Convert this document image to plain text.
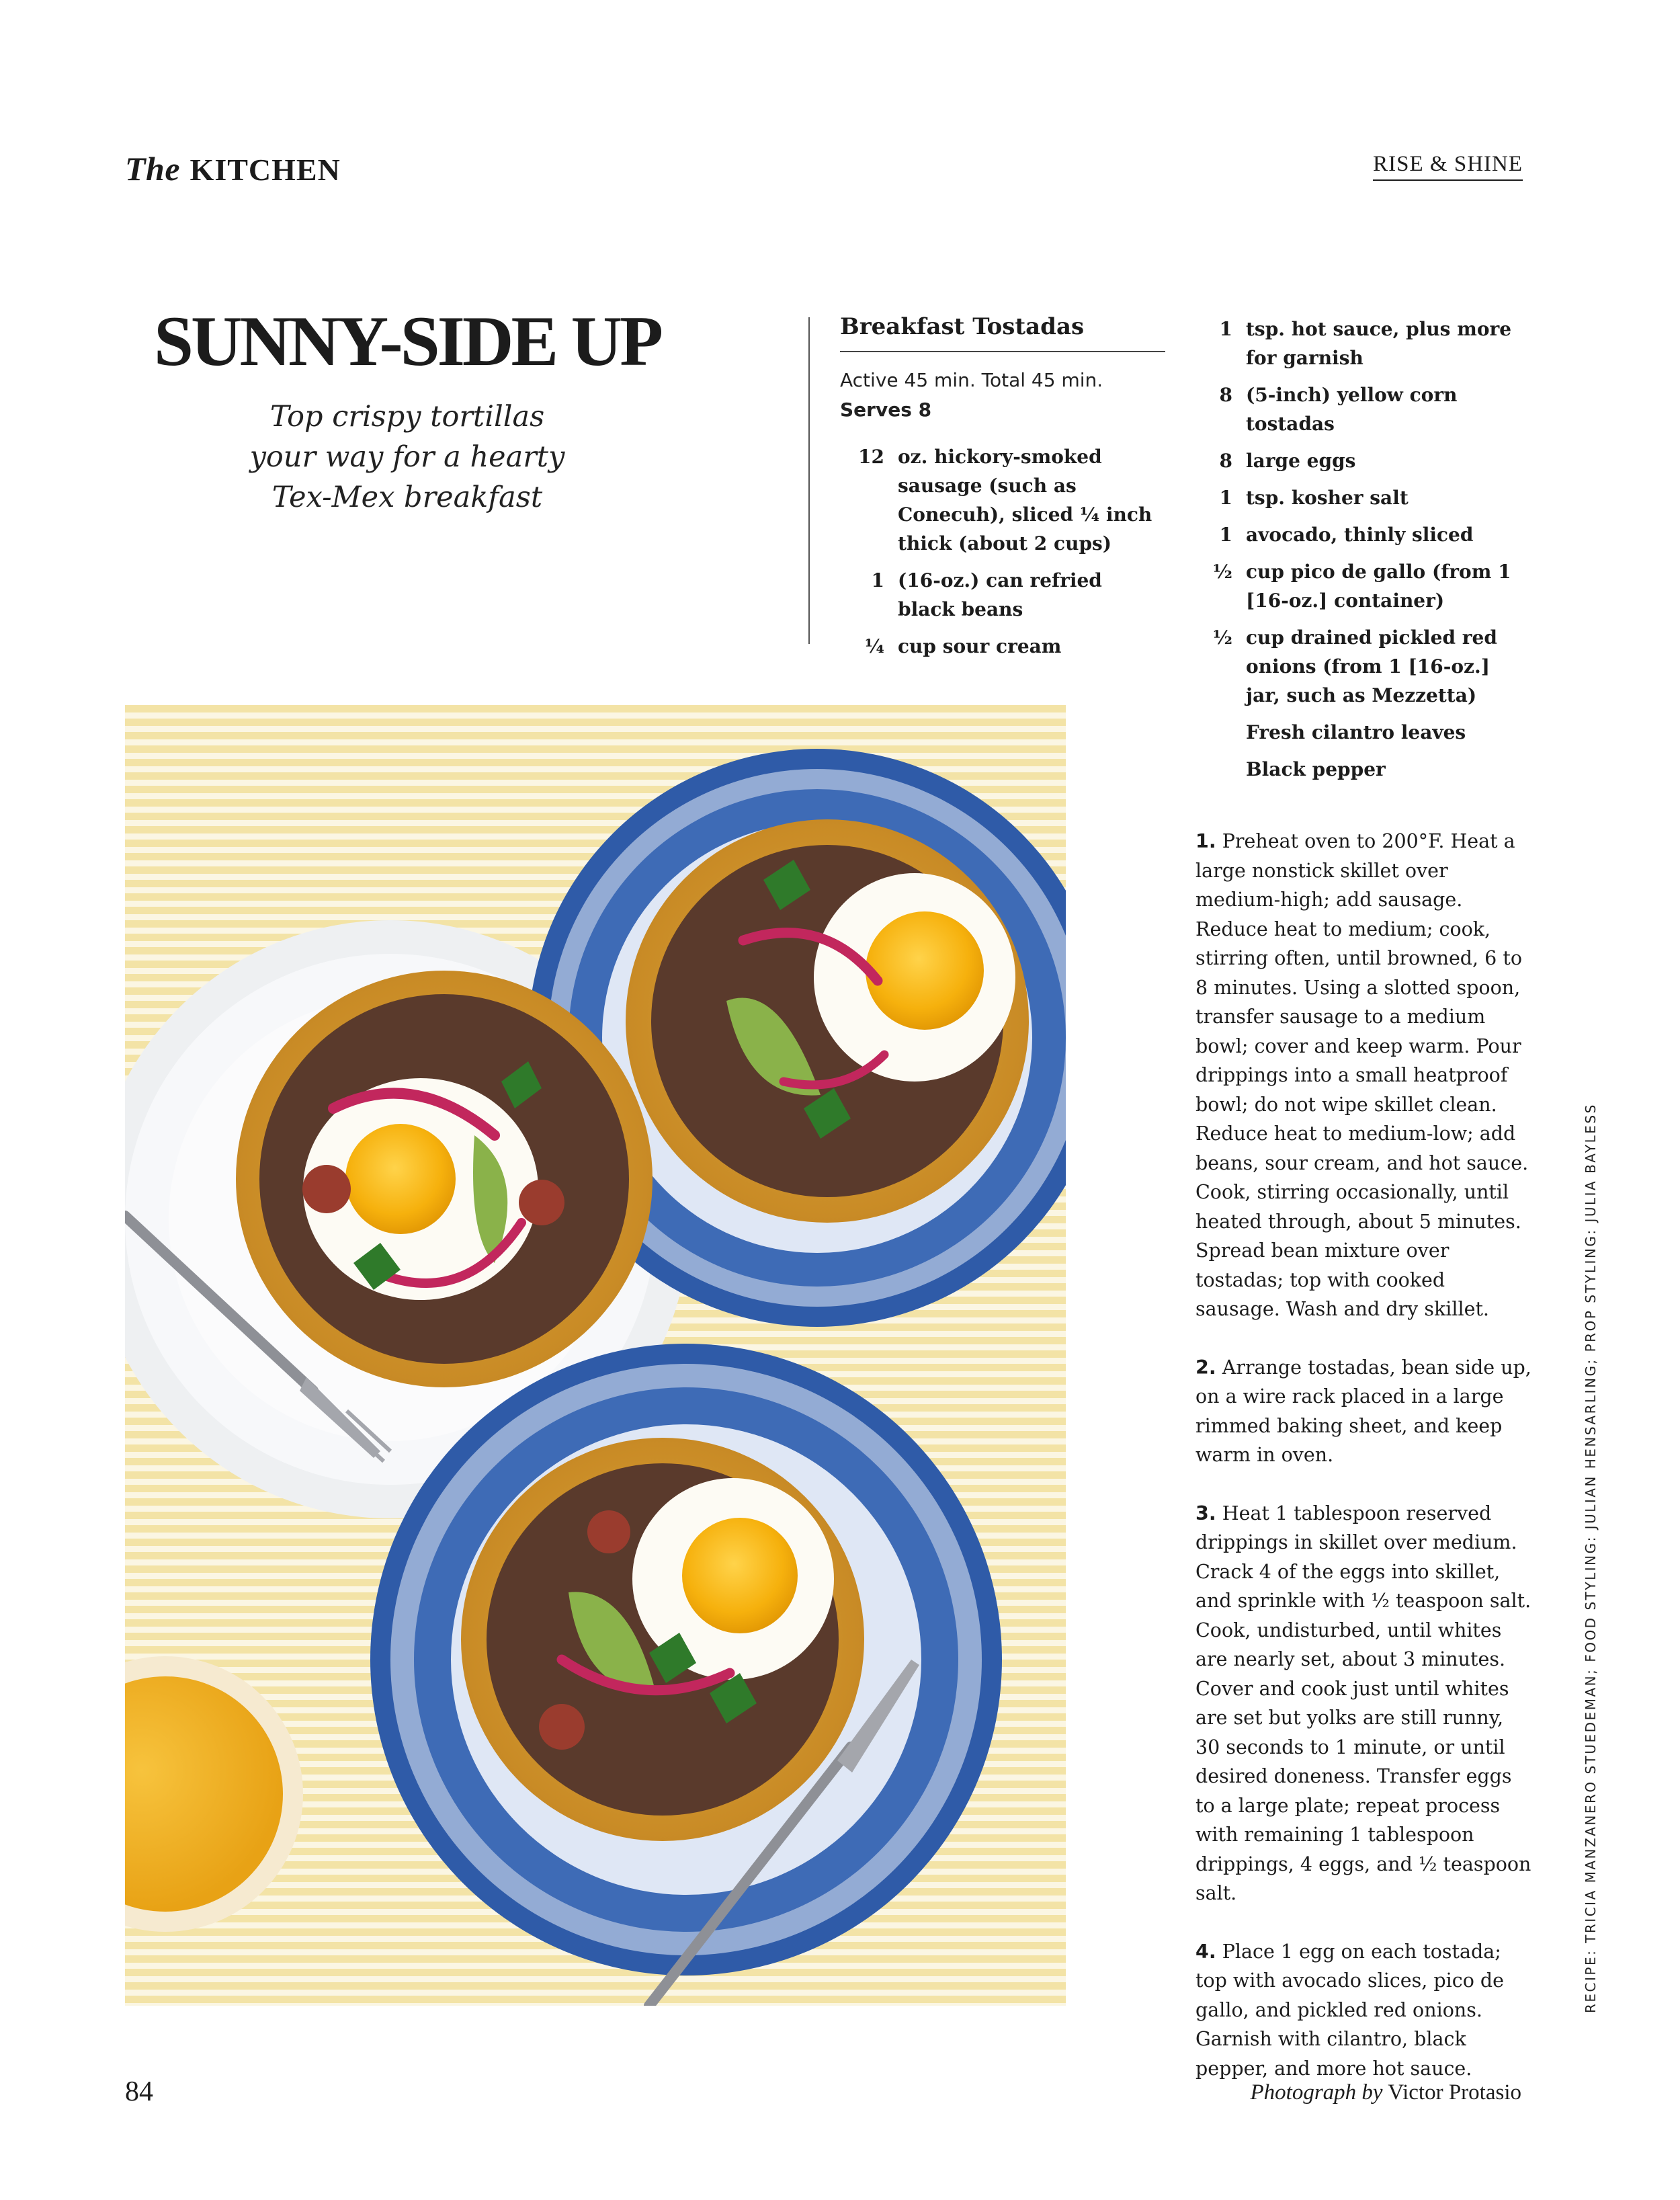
The KITCHEN	RISE & SHINE
SUNNY-SIDE UP
Top crispy tortillas
your way for a hearty
Tex-Mex breakfast
Breakfast Tostadas
Active 45 min. Total 45 min.
Serves 8
12 oz. hickory-smoked sausage (such as Conecuh), sliced ¼ inch thick (about 2 cups)
1 (16-oz.) can refried black beans
¼ cup sour cream
1 tsp. hot sauce, plus more for garnish
8 (5-inch) yellow corn tostadas
8 large eggs
1 tsp. kosher salt
1 avocado, thinly sliced
½ cup pico de gallo (from 1 [16-oz.] container)
½ cup drained pickled red onions (from 1 [16-oz.] jar, such as Mezzetta)
Fresh cilantro leaves
Black pepper
1. Preheat oven to 200°F. Heat a large nonstick skillet over medium-high; add sausage. Reduce heat to medium; cook, stirring often, until browned, 6 to 8 minutes. Using a slotted spoon, transfer sausage to a medium bowl; cover and keep warm. Pour drippings into a small heatproof bowl; do not wipe skillet clean. Reduce heat to medium-low; add beans, sour cream, and hot sauce. Cook, stirring occasionally, until heated through, about 5 minutes. Spread bean mixture over tostadas; top with cooked sausage. Wash and dry skillet.
2. Arrange tostadas, bean side up, on a wire rack placed in a large rimmed baking sheet, and keep warm in oven.
3. Heat 1 tablespoon reserved drippings in skillet over medium. Crack 4 of the eggs into skillet, and sprinkle with ½ teaspoon salt. Cook, undisturbed, until whites are nearly set, about 3 minutes. Cover and cook just until whites are set but yolks are still runny, 30 seconds to 1 minute, or until desired doneness. Transfer eggs to a large plate; repeat process with remaining 1 tablespoon drippings, 4 eggs, and ½ teaspoon salt.
4. Place 1 egg on each tostada; top with avocado slices, pico de gallo, and pickled red onions. Garnish with cilantro, black pepper, and more hot sauce.
RECIPE: TRICIA MANZANERO STUEDEMAN; FOOD STYLING: JULIAN HENSARLING; PROP STYLING: JULIA BAYLESS
84	Photograph by Victor Protasio
